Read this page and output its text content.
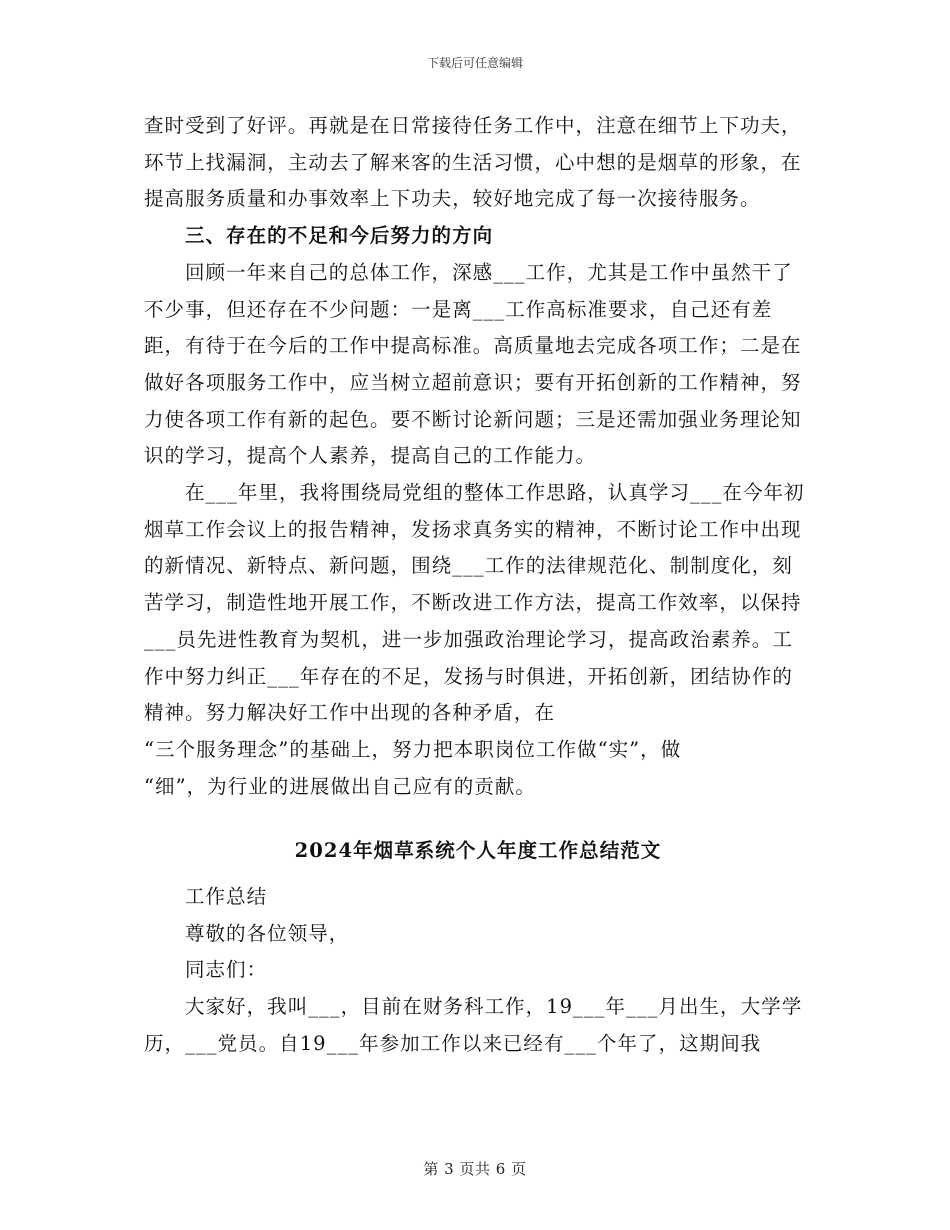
下载后可任意编辑

查时受到了好评。再就是在日常接待任务工作中，注意在细节上下功夫，环节上找漏洞，主动去了解来客的生活习惯，心中想的是烟草的形象，在提高服务质量和办事效率上下功夫，较好地完成了每一次接待服务。

三、存在的不足和今后努力的方向

回顾一年来自己的总体工作，深感___工作，尤其是工作中虽然干了不少事，但还存在不少问题：一是离___工作高标准要求，自己还有差距，有待于在今后的工作中提高标准。高质量地去完成各项工作；二是在做好各项服务工作中，应当树立超前意识；要有开拓创新的工作精神，努力使各项工作有新的起色。要不断讨论新问题；三是还需加强业务理论知识的学习，提高个人素养，提高自己的工作能力。

在___年里，我将围绕局党组的整体工作思路，认真学习___在今年初烟草工作会议上的报告精神，发扬求真务实的精神，不断讨论工作中出现的新情况、新特点、新问题，围绕___工作的法律规范化、制制度化，刻苦学习，制造性地开展工作，不断改进工作方法，提高工作效率，以保持___员先进性教育为契机，进一步加强政治理论学习，提高政治素养。工作中努力纠正___年存在的不足，发扬与时俱进，开拓创新，团结协作的精神。努力解决好工作中出现的各种矛盾，在

“三个服务理念”的基础上，努力把本职岗位工作做“实”，做

“细”，为行业的进展做出自己应有的贡献。

2024年烟草系统个人年度工作总结范文

工作总结

尊敬的各位领导，

同志们：

大家好，我叫___，目前在财务科工作，19___年___月出生，大学学历，___党员。自19___年参加工作以来已经有___个年了，这期间我

第 3 页共 6 页
